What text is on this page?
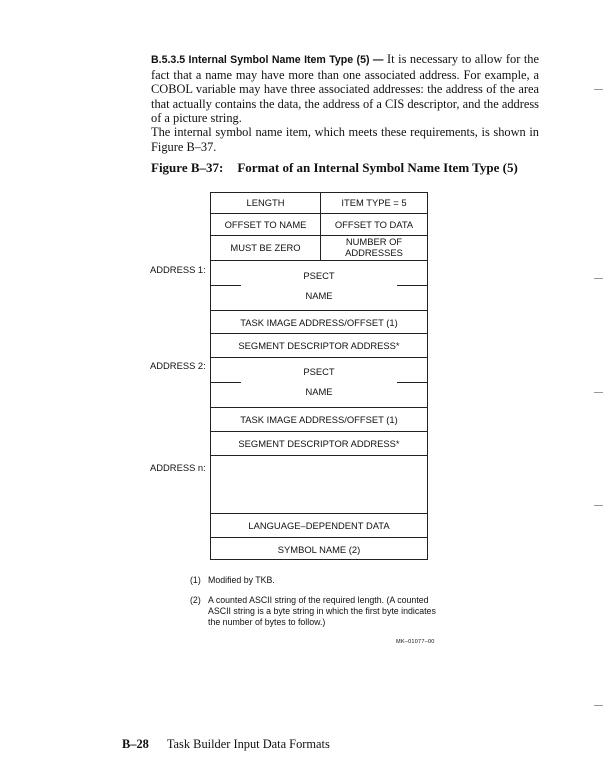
B.5.3.5 Internal Symbol Name Item Type (5) — It is necessary to allow for the fact that a name may have more than one associated address. For example, a COBOL variable may have three associated addresses: the address of the area that actually contains the data, the address of a CIS descriptor, and the address of a picture string.

The internal symbol name item, which meets these requirements, is shown in Figure B–37.

Figure B–37: Format of an Internal Symbol Name Item Type (5)
LENGTH	ITEM TYPE = 5
OFFSET TO NAME	OFFSET TO DATA
MUST BE ZERO
NUMBER OF
ADDRESSES
PSECT
NAME
TASK IMAGE ADDRESS/OFFSET (1)
SEGMENT DESCRIPTOR ADDRESS*
PSECT
NAME
TASK IMAGE ADDRESS/OFFSET (1)
SEGMENT DESCRIPTOR ADDRESS*
LANGUAGE–DEPENDENT DATA
SYMBOL NAME (2)
ADDRESS 1:
ADDRESS 2:
ADDRESS n:
(1) Modified by TKB.
(2) A counted ASCII string of the required length. (A counted ASCII string is a byte string in which the first byte indicates the number of bytes to follow.)
MK–01077–00
B–28 Task Builder Input Data Formats
